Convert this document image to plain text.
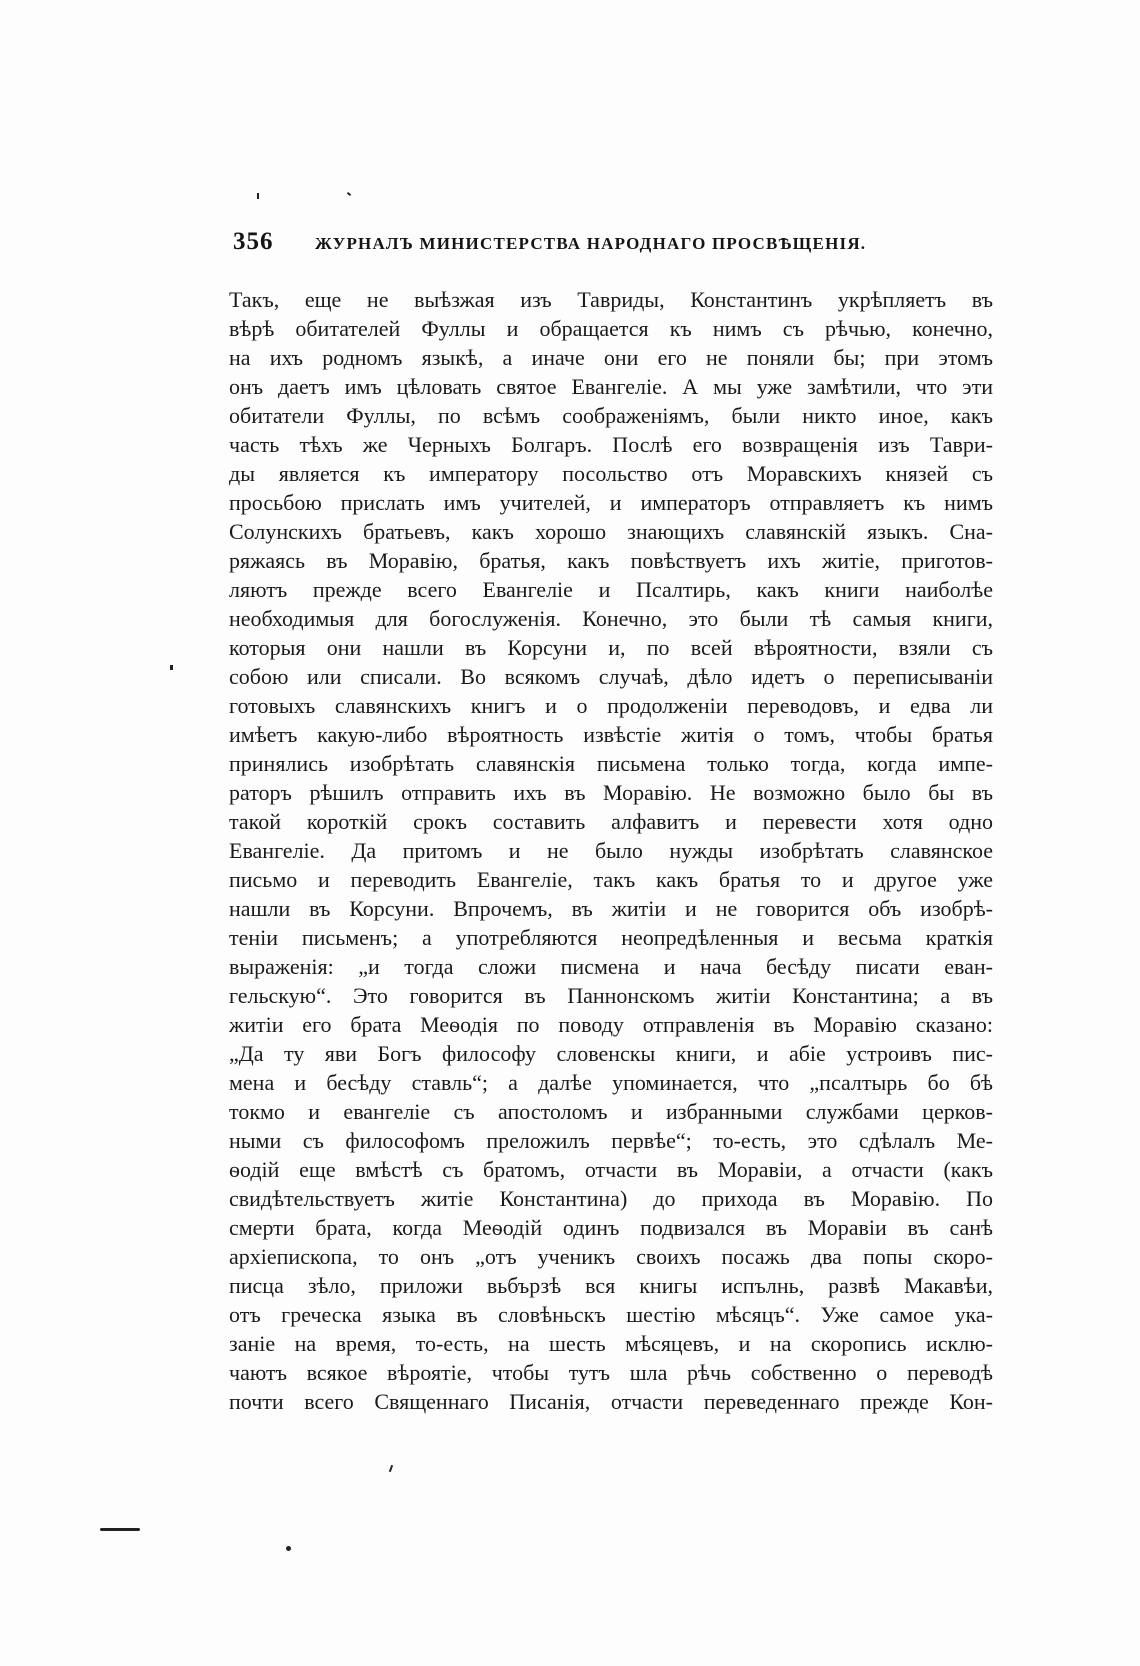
356 ЖУРНАЛЪ МИНИСТЕРСТВА НАРОДНАГО ПРОСВѢЩЕНІЯ.
Такъ, еще не выѣзжая изъ Тавриды, Константинъ укрѣпляетъ въ
вѣрѣ обитателей Фуллы и обращается къ нимъ съ рѣчью, конечно,
на ихъ родномъ языкѣ, а иначе они его не поняли бы; при этомъ
онъ даетъ имъ цѣловать святое Евангеліе. А мы уже замѣтили, что эти
обитатели Фуллы, по всѣмъ соображеніямъ, были никто иное, какъ
часть тѣхъ же Черныхъ Болгаръ. Послѣ его возвращенія изъ Таври-
ды является къ императору посольство отъ Моравскихъ князей съ
просьбою прислать имъ учителей, и императоръ отправляетъ къ нимъ
Солунскихъ братьевъ, какъ хорошо знающихъ славянскій языкъ. Сна-
ряжаясь въ Моравію, братья, какъ повѣствуетъ ихъ житіе, приготов-
ляютъ прежде всего Евангеліе и Псалтирь, какъ книги наиболѣе
необходимыя для богослуженія. Конечно, это были тѣ самыя книги,
которыя они нашли въ Корсуни и, по всей вѣроятности, взяли съ
собою или списали. Во всякомъ случаѣ, дѣло идетъ о переписываніи
готовыхъ славянскихъ книгъ и о продолженіи переводовъ, и едва ли
имѣетъ какую-либо вѣроятность извѣстіе житія о томъ, чтобы братья
принялись изобрѣтать славянскія письмена только тогда, когда импе-
раторъ рѣшилъ отправить ихъ въ Моравію. Не возможно было бы въ
такой короткій срокъ составить алфавитъ и перевести хотя одно
Евангеліе. Да притомъ и не было нужды изобрѣтать славянское
письмо и переводить Евангеліе, такъ какъ братья то и другое уже
нашли въ Корсуни. Впрочемъ, въ житіи и не говорится объ изобрѣ-
теніи письменъ; а употребляются неопредѣленныя и весьма краткія
выраженія: „и тогда сложи писмена и нача бесѣду писати еван-
гельскую“. Это говорится въ Паннонскомъ житіи Константина; а въ
житіи его брата Меѳодія по поводу отправленія въ Моравію сказано:
„Да ту яви Богъ философу словенскы книги, и абіе устроивъ пис-
мена и бесѣду ставль“; а далѣе упоминается, что „псалтырь бо бѣ
токмо и евангеліе съ апостоломъ и избранными службами церков-
ными съ философомъ преложилъ первѣе“; то-есть, это сдѣлалъ Ме-
ѳодій еще вмѣстѣ съ братомъ, отчасти въ Моравіи, а отчасти (какъ
свидѣтельствуетъ житіе Константина) до прихода въ Моравію. По
смерти брата, когда Меѳодій одинъ подвизался въ Моравіи въ санѣ
архіепископа, то онъ „отъ ученикъ своихъ посажь два попы скоро-
писца зѣло, приложи вьбързѣ вся книгы испълнь, развѣ Макавѣи,
отъ греческа языка въ словѣньскъ шестію мѣсяцъ“. Уже самое ука-
заніе на время, то-есть, на шесть мѣсяцевъ, и на скоропись исклю-
чаютъ всякое вѣроятіе, чтобы тутъ шла рѣчь собственно о переводѣ
почти всего Священнаго Писанія, отчасти переведеннаго прежде Кон-
